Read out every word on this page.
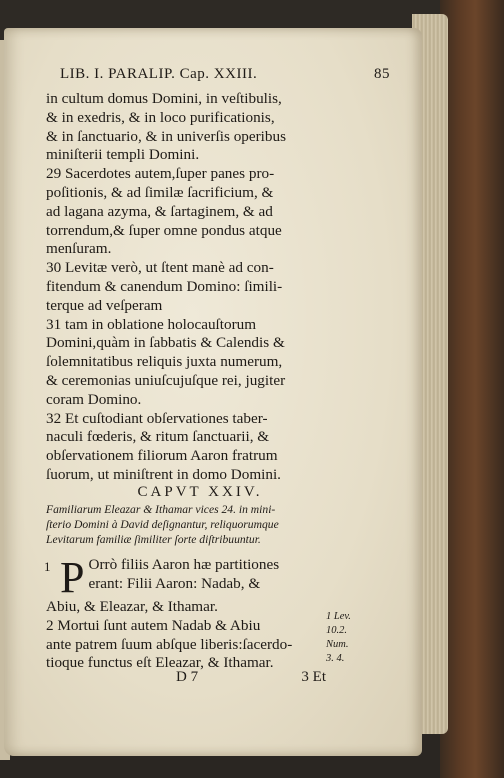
LIB. I. PARALIP. Cap. XXIII.	85
in cultum domus Domini, in veſtibulis,
& in exedris, & in loco purificationis,
& in ſanctuario, & in univerſis operibus
miniſterii templi Domini.
29 Sacerdotes autem,ſuper panes pro-
poſitionis, & ad ſimilæ ſacrificium, &
ad lagana azyma, & ſartaginem, & ad
torrendum,& ſuper omne pondus atque
menſuram.
30 Levitæ verò, ut ſtent manè ad con-
fitendum & canendum Domino: ſimili-
terque ad veſperam
31 tam in oblatione holocauſtorum
Domini,quàm in ſabbatis & Calendis &
ſolemnitatibus reliquis juxta numerum,
& ceremonias uniuſcujuſque rei, jugiter
coram Domino.
32 Et cuſtodiant obſervationes taber-
naculi fœderis, & ritum ſanctuarii, &
obſervationem filiorum Aaron fratrum
ſuorum, ut miniſtrent in domo Domini.
CAPVT XXIV.
Familiarum Eleazar & Ithamar vices 24. in mini-
ſterio Domini à David deſignantur, reliquorumque
Levitarum familiæ ſimiliter ſorte diſtribuuntur.
1 P Orrò filiis Aaron hæ partitiones
erant: Filii Aaron: Nadab, &
Abiu, & Eleazar, & Ithamar.
2 Mortui ſunt autem Nadab & Abiu
ante patrem ſuum abſque liberis:ſacerdo-
tioque functus eſt Eleazar, & Ithamar.
1 Lev.
10.2.
Num.
3. 4.
D 7	3 Et
